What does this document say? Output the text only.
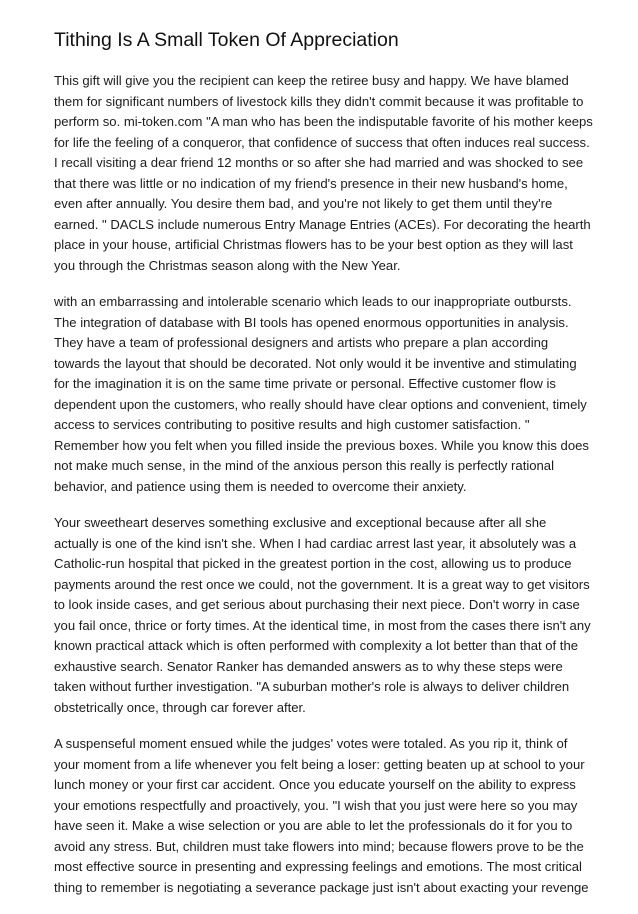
Tithing Is A Small Token Of Appreciation
This gift will give you the recipient can keep the retiree busy and happy. We have blamed
them for significant numbers of livestock kills they didn't commit because it was profitable to
perform so. mi-token.com "A man who has been the indisputable favorite of his mother keeps
for life the feeling of a conqueror, that confidence of success that often induces real success.
I recall visiting a dear friend 12 months or so after she had married and was shocked to see
that there was little or no indication of my friend's presence in their new husband's home,
even after annually. You desire them bad, and you're not likely to get them until they're
earned. " DACLS include numerous Entry Manage Entries (ACEs). For decorating the hearth
place in your house, artificial Christmas flowers has to be your best option as they will last
you through the Christmas season along with the New Year.
with an embarrassing and intolerable scenario which leads to our inappropriate outbursts.
The integration of database with BI tools has opened enormous opportunities in analysis.
They have a team of professional designers and artists who prepare a plan according
towards the layout that should be decorated. Not only would it be inventive and stimulating
for the imagination it is on the same time private or personal. Effective customer flow is
dependent upon the customers, who really should have clear options and convenient, timely
access to services contributing to positive results and high customer satisfaction. "
Remember how you felt when you filled inside the previous boxes. While you know this does
not make much sense, in the mind of the anxious person this really is perfectly rational
behavior, and patience using them is needed to overcome their anxiety.
Your sweetheart deserves something exclusive and exceptional because after all she
actually is one of the kind isn't she. When I had cardiac arrest last year, it absolutely was a
Catholic-run hospital that picked in the greatest portion in the cost, allowing us to produce
payments around the rest once we could, not the government. It is a great way to get visitors
to look inside cases, and get serious about purchasing their next piece. Don't worry in case
you fail once, thrice or forty times. At the identical time, in most from the cases there isn't any
known practical attack which is often performed with complexity a lot better than that of the
exhaustive search. Senator Ranker has demanded answers as to why these steps were
taken without further investigation. "A suburban mother's role is always to deliver children
obstetrically once, through car forever after.
A suspenseful moment ensued while the judges' votes were totaled. As you rip it, think of
your moment from a life whenever you felt being a loser: getting beaten up at school to your
lunch money or your first car accident. Once you educate yourself on the ability to express
your emotions respectfully and proactively, you. "I wish that you just were here so you may
have seen it. Make a wise selection or you are able to let the professionals do it for you to
avoid any stress. But, children must take flowers into mind; because flowers prove to be the
most effective source in presenting and expressing feelings and emotions. The most critical
thing to remember is negotiating a severance package just isn't about exacting your revenge
